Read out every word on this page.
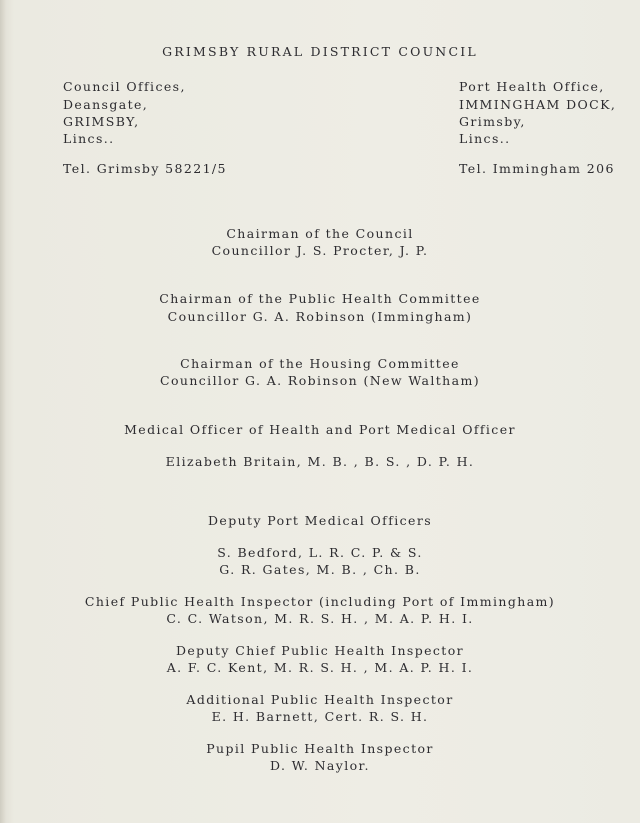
GRIMSBY RURAL DISTRICT COUNCIL
Council Offices,
Deansgate,
GRIMSBY,
Lincs..
Port Health Office,
IMMINGHAM DOCK,
Grimsby,
Lincs..
Tel. Grimsby 58221/5	Tel. Immingham 206
Chairman of the Council
Councillor J. S. Procter, J. P.
Chairman of the Public Health Committee
Councillor G. A. Robinson (Immingham)
Chairman of the Housing Committee
Councillor G. A. Robinson (New Waltham)
Medical Officer of Health and Port Medical Officer
Elizabeth Britain, M. B. , B. S. , D. P. H.
Deputy Port Medical Officers
S. Bedford, L. R. C. P. & S.
G. R. Gates, M. B. , Ch. B.
Chief Public Health Inspector (including Port of Immingham)
C. C. Watson, M. R. S. H. , M. A. P. H. I.
Deputy Chief Public Health Inspector
A. F. C. Kent, M. R. S. H. , M. A. P. H. I.
Additional Public Health Inspector
E. H. Barnett, Cert. R. S. H.
Pupil Public Health Inspector
D. W. Naylor.
